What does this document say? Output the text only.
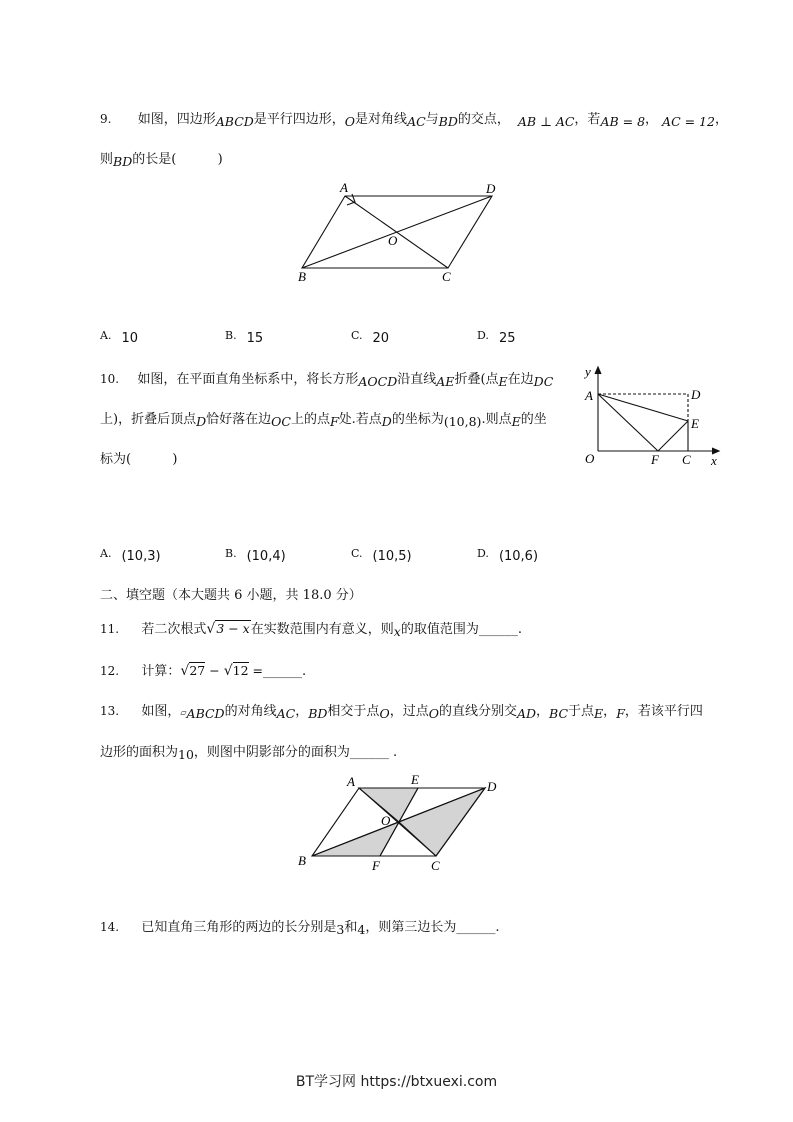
9. 如图，四边形ABCD是平行四边形，O是对角线AC与BD的交点， AB ⊥ AC，若AB = 8， AC = 12，
则BD的长是(          )
A	D
O
B	C
A. 10	B. 15	C. 20	D. 25
10. 如图，在平面直角坐标系中，将长方形AOCD沿直线AE折叠(点E在边DC
上)，折叠后顶点D恰好落在边OC上的点F处.若点D的坐标为(10,8).则点E的坐
标为(          )
y
A	D
E
O	F C x
A. (10,3)	B. (10,4)	C. (10,5)	D. (10,6)
二、填空题（本大题共 6 小题，共 18.0 分）
11. 若二次根式√3 − x在实数范围内有意义，则x的取值范围为______.
12. 计算：√27 − √12 =______.
13. 如图，▱ABCD的对角线AC，BD相交于点O，过点O的直线分别交AD，BC于点E，F，若该平行四
边形的面积为10，则图中阴影部分的面积为______ .
A	E	D
O
B	F	C
14. 已知直角三角形的两边的长分别是3和4，则第三边长为______.
BT学习网 https://btxuexi.com
